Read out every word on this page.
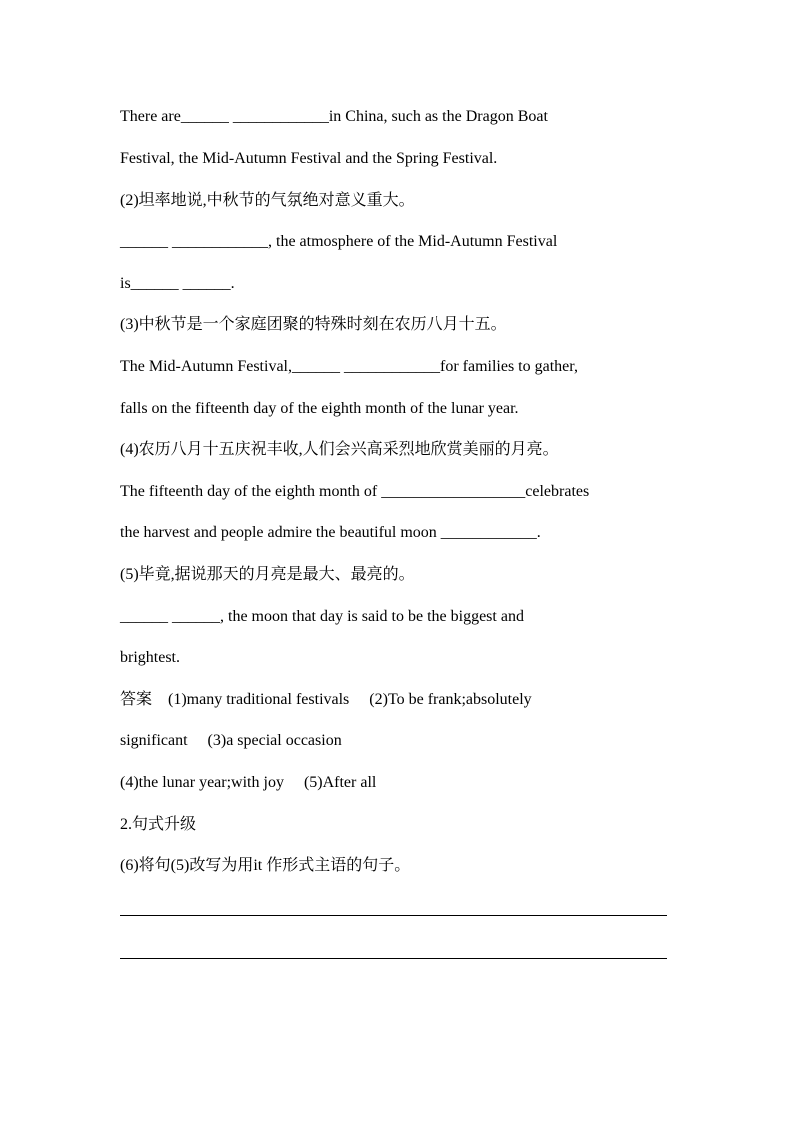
There are______ ____________in China, such as the Dragon Boat
Festival, the Mid-Autumn Festival and the Spring Festival.
(2)坦率地说,中秋节的气氛绝对意义重大。
______ ____________, the atmosphere of the Mid-Autumn Festival
is______ ______.
(3)中秋节是一个家庭团聚的特殊时刻在农历八月十五。
The Mid-Autumn Festival,______ ____________for families to gather,
falls on the fifteenth day of the eighth month of the lunar year.
(4)农历八月十五庆祝丰收,人们会兴高采烈地欣赏美丽的月亮。
The fifteenth day of the eighth month of __________________celebrates
the harvest and people admire the beautiful moon ____________.
(5)毕竟,据说那天的月亮是最大、最亮的。
______ ______, the moon that day is said to be the biggest and
brightest.
答案    (1)many traditional festivals     (2)To be frank;absolutely
significant     (3)a special occasion
(4)the lunar year;with joy     (5)After all
2.句式升级
(6)将句(5)改写为用it 作形式主语的句子。
